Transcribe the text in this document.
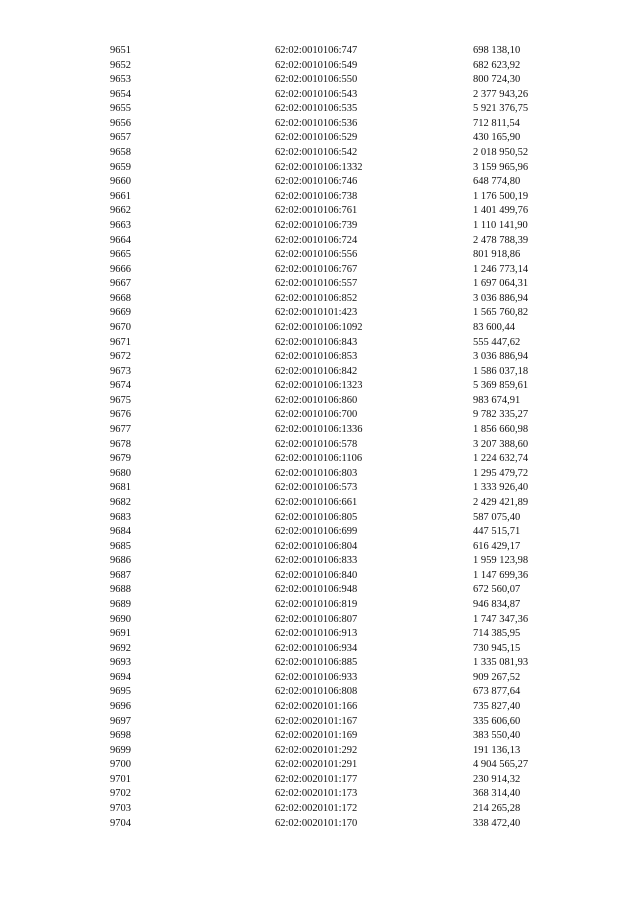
9651	62:02:0010106:747	698 138,10
9652	62:02:0010106:549	682 623,92
9653	62:02:0010106:550	800 724,30
9654	62:02:0010106:543	2 377 943,26
9655	62:02:0010106:535	5 921 376,75
9656	62:02:0010106:536	712 811,54
9657	62:02:0010106:529	430 165,90
9658	62:02:0010106:542	2 018 950,52
9659	62:02:0010106:1332	3 159 965,96
9660	62:02:0010106:746	648 774,80
9661	62:02:0010106:738	1 176 500,19
9662	62:02:0010106:761	1 401 499,76
9663	62:02:0010106:739	1 110 141,90
9664	62:02:0010106:724	2 478 788,39
9665	62:02:0010106:556	801 918,86
9666	62:02:0010106:767	1 246 773,14
9667	62:02:0010106:557	1 697 064,31
9668	62:02:0010106:852	3 036 886,94
9669	62:02:0010101:423	1 565 760,82
9670	62:02:0010106:1092	83 600,44
9671	62:02:0010106:843	555 447,62
9672	62:02:0010106:853	3 036 886,94
9673	62:02:0010106:842	1 586 037,18
9674	62:02:0010106:1323	5 369 859,61
9675	62:02:0010106:860	983 674,91
9676	62:02:0010106:700	9 782 335,27
9677	62:02:0010106:1336	1 856 660,98
9678	62:02:0010106:578	3 207 388,60
9679	62:02:0010106:1106	1 224 632,74
9680	62:02:0010106:803	1 295 479,72
9681	62:02:0010106:573	1 333 926,40
9682	62:02:0010106:661	2 429 421,89
9683	62:02:0010106:805	587 075,40
9684	62:02:0010106:699	447 515,71
9685	62:02:0010106:804	616 429,17
9686	62:02:0010106:833	1 959 123,98
9687	62:02:0010106:840	1 147 699,36
9688	62:02:0010106:948	672 560,07
9689	62:02:0010106:819	946 834,87
9690	62:02:0010106:807	1 747 347,36
9691	62:02:0010106:913	714 385,95
9692	62:02:0010106:934	730 945,15
9693	62:02:0010106:885	1 335 081,93
9694	62:02:0010106:933	909 267,52
9695	62:02:0010106:808	673 877,64
9696	62:02:0020101:166	735 827,40
9697	62:02:0020101:167	335 606,60
9698	62:02:0020101:169	383 550,40
9699	62:02:0020101:292	191 136,13
9700	62:02:0020101:291	4 904 565,27
9701	62:02:0020101:177	230 914,32
9702	62:02:0020101:173	368 314,40
9703	62:02:0020101:172	214 265,28
9704	62:02:0020101:170	338 472,40
